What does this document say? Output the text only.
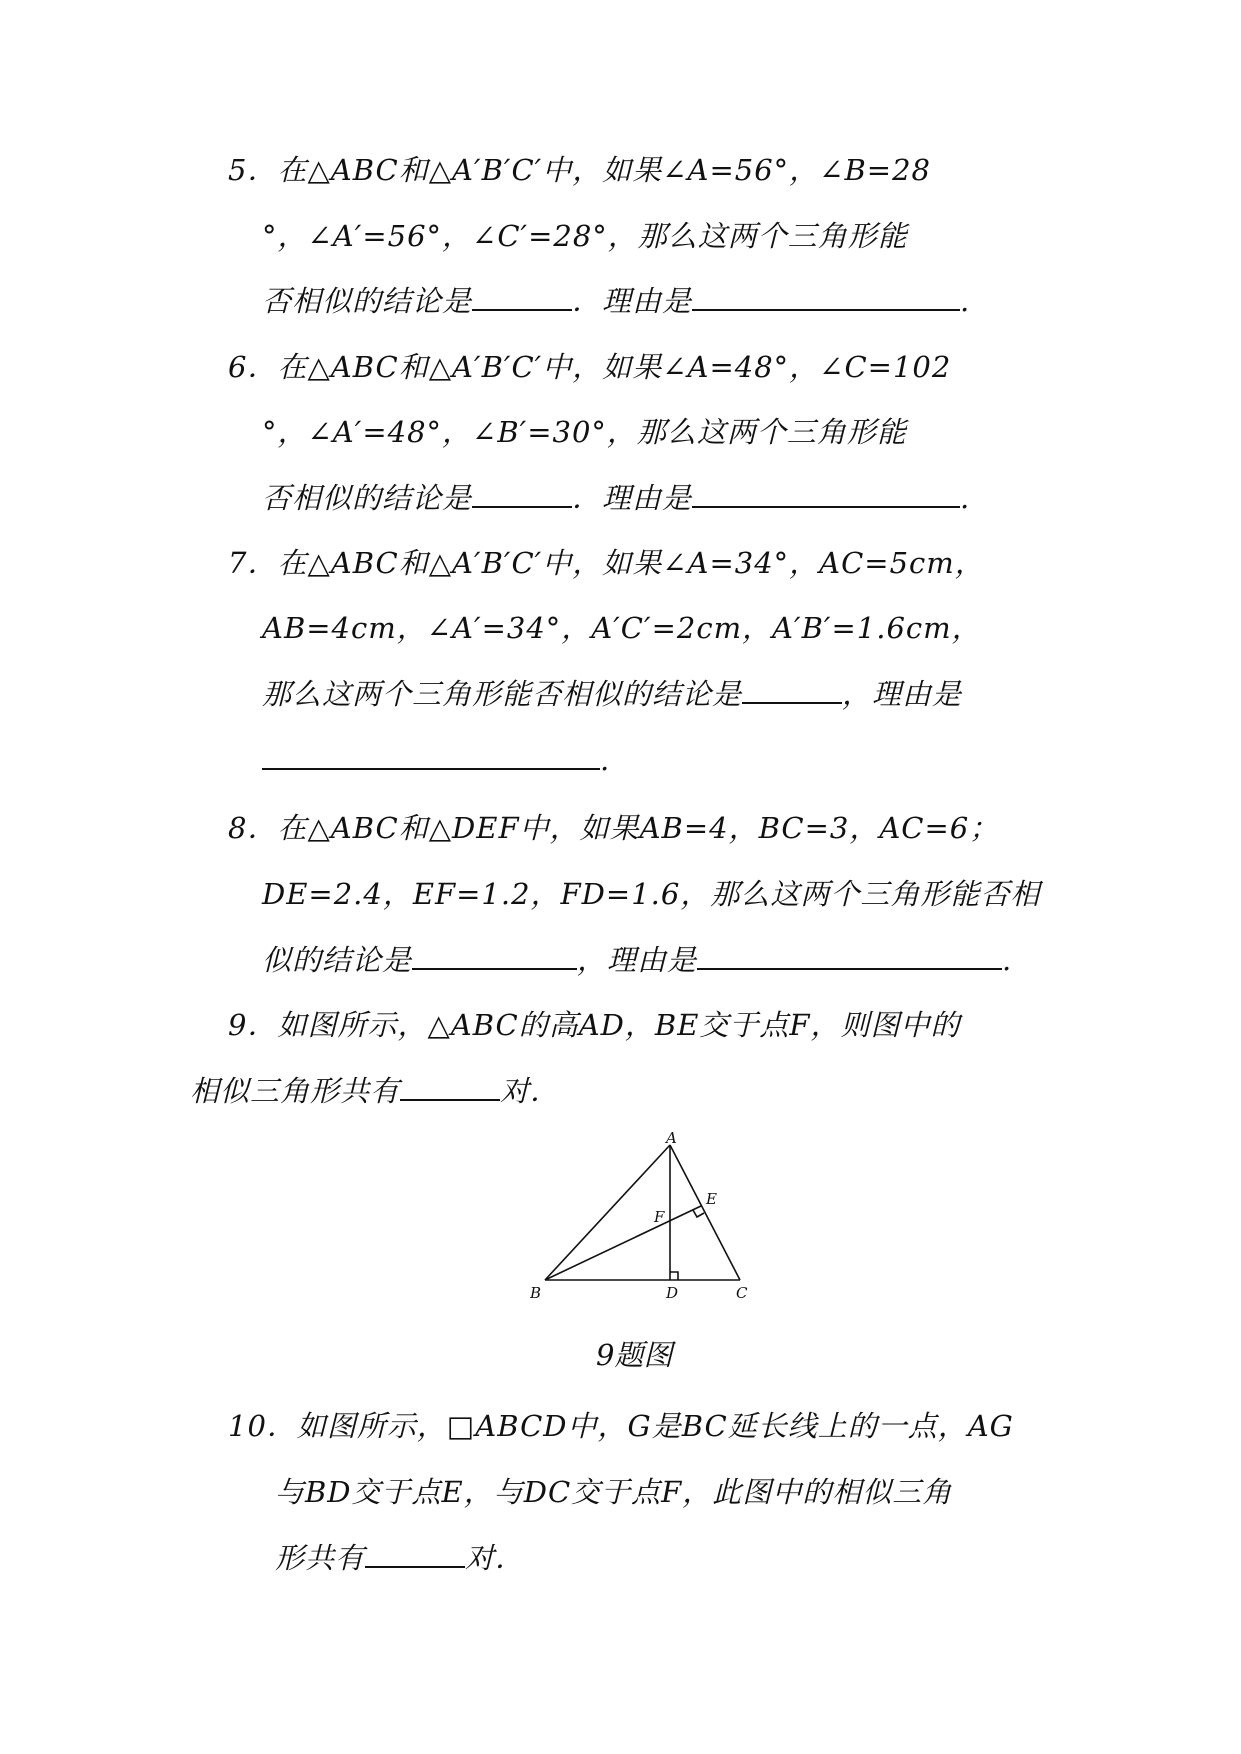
5．在△ABC和△A′B′C′中，如果∠A=56°，∠B=28
°，∠A′=56°，∠C′=28°，那么这两个三角形能
否相似的结论是	．理由是	.
6．在△ABC和△A′B′C′中，如果∠A=48°，∠C=102
°，∠A′=48°，∠B′=30°，那么这两个三角形能
否相似的结论是	．理由是	.
7．在△ABC和△A′B′C′中，如果∠A=34°，AC=5cm，
AB=4cm，∠A′=34°，A′C′=2cm，A′B′=1.6cm，
那么这两个三角形能否相似的结论是	，理由是
.
8．在△ABC和△DEF中，如果AB=4，BC=3，AC=6；
DE=2.4，EF=1.2，FD=1.6，那么这两个三角形能否相
似的结论是	，理由是	.
9．如图所示，△ABC的高AD，BE交于点F，则图中的
相似三角形共有	对．
A
B	C
D
E
F
9题图
10．如图所示，□ABCD中，G是BC延长线上的一点，AG
与BD交于点E，与DC交于点F，此图中的相似三角
形共有	对．
